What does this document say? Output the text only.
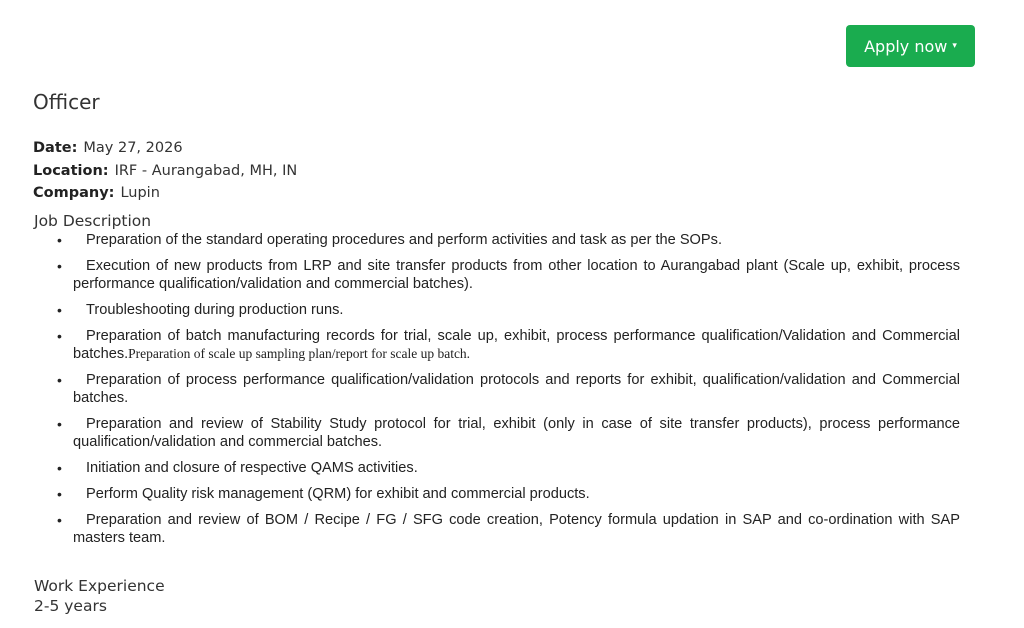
Apply now ▾
Officer
Date: May 27, 2026
Location: IRF - Aurangabad, MH, IN
Company: Lupin
Job Description
• Preparation of the standard operating procedures and perform activities and task as per the SOPs.
• Execution of new products from LRP and site transfer products from other location to Aurangabad plant (Scale up, exhibit, process performance qualification/validation and commercial batches).
• Troubleshooting during production runs.
• Preparation of batch manufacturing records for trial, scale up, exhibit, process performance qualification/Validation and Commercial batches.Preparation of scale up sampling plan/report for scale up batch.
• Preparation of process performance qualification/validation protocols and reports for exhibit, qualification/validation and Commercial batches.
• Preparation and review of Stability Study protocol for trial, exhibit (only in case of site transfer products), process performance qualification/validation and commercial batches.
• Initiation and closure of respective QAMS activities.
• Perform Quality risk management (QRM) for exhibit and commercial products.
• Preparation and review of BOM / Recipe / FG / SFG code creation, Potency formula updation in SAP and co-ordination with SAP masters team.
Work Experience
2-5 years
